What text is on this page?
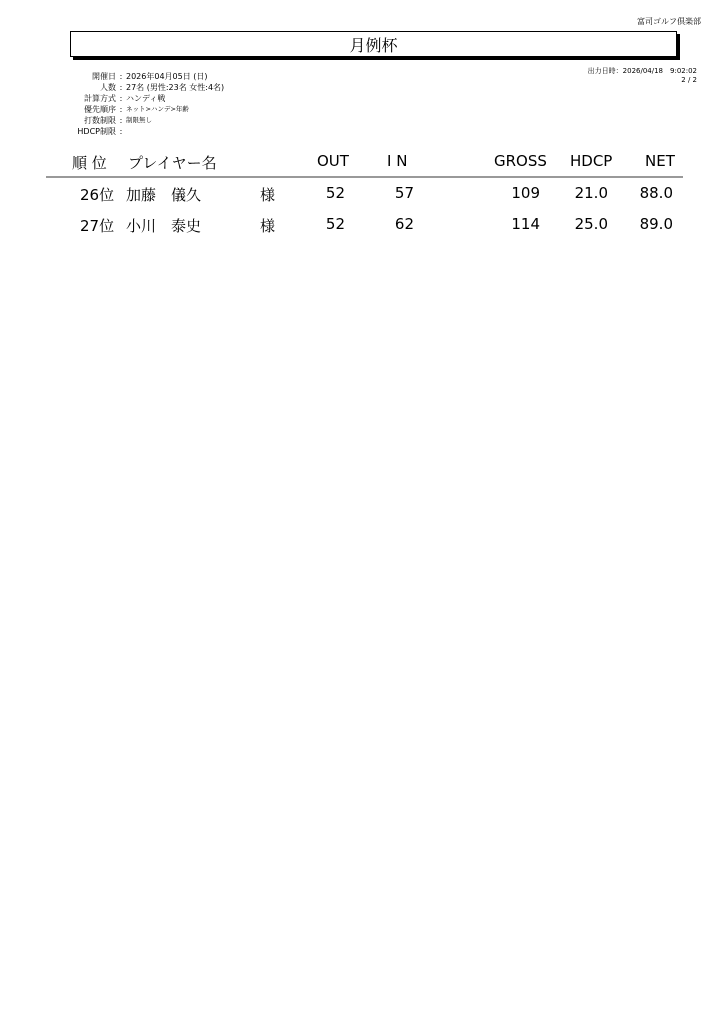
富司ゴルフ倶楽部
月例杯
出力日時：2026/04/18　9:02:02
2 / 2
開催日 : 2026年04月05日 (日)
人数 : 27名 (男性:23名 女性:4名)
計算方式 : ハンディ戦
優先順序 : ネット>ハンデ>年齢
打数制限 : 制限無し
HDCP制限 :
順 位 プレイヤー名	OUT	I N	GROSS HDCP NET
26位 加藤　儀久	様	52	57	109 21.0 88.0
27位 小川　泰史	様	52	62	114 25.0 89.0
